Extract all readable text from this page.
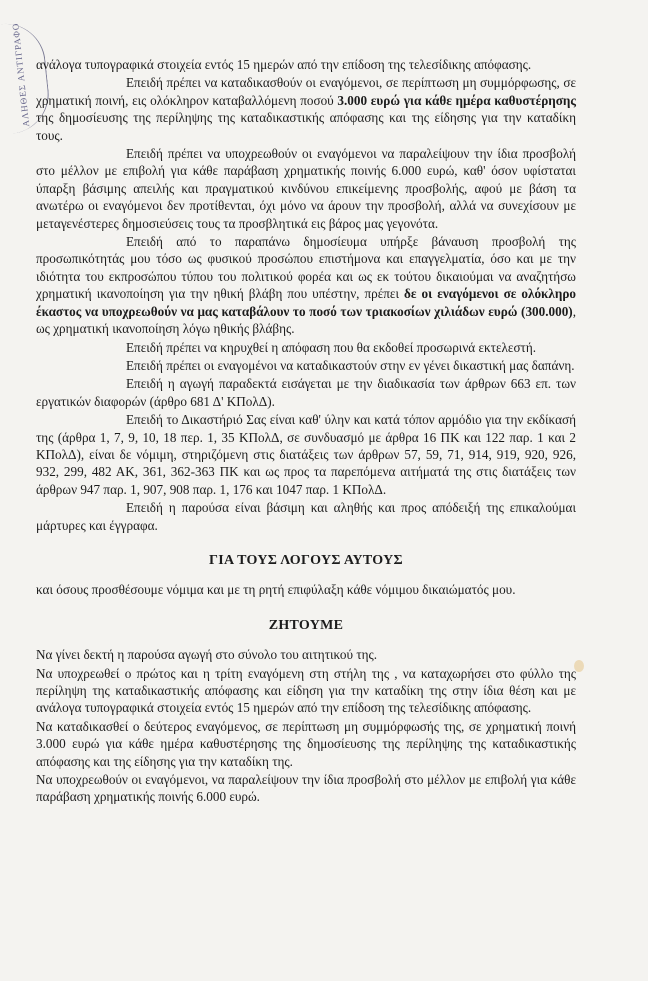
ΑΛΗΘΕΣ ΑΝΤΙΓΡΑΦΟ ανάλογα τυπογραφικά στοιχεία εντός 15 ημερών από την επίδοση της τελεσίδικης απόφασης.

Επειδή πρέπει να καταδικασθούν οι εναγόμενοι, σε περίπτωση μη συμμόρφωσης, σε χρηματική ποινή, εις ολόκληρον καταβαλλόμενη ποσού 3.000 ευρώ για κάθε ημέρα καθυστέρησης της δημοσίευσης της περίληψης της καταδικαστικής απόφασης και της είδησης για την καταδίκη τους.

Επειδή πρέπει να υποχρεωθούν οι εναγόμενοι να παραλείψουν την ίδια προσβολή στο μέλλον με επιβολή για κάθε παράβαση χρηματικής ποινής 6.000 ευρώ, καθ' όσον υφίσταται ύπαρξη βάσιμης απειλής και πραγματικού κινδύνου επικείμενης προσβολής, αφού με βάση τα ανωτέρω οι εναγόμενοι δεν προτίθενται, όχι μόνο να άρουν την προσβολή, αλλά να συνεχίσουν με μεταγενέστερες δημοσιεύσεις τους τα προσβλητικά εις βάρος μας γεγονότα.

Επειδή από το παραπάνω δημοσίευμα υπήρξε βάναυση προσβολή της προσωπικότητάς μου τόσο ως φυσικού προσώπου επιστήμονα και επαγγελματία, όσο και με την ιδιότητα του εκπροσώπου τύπου του πολιτικού φορέα και ως εκ τούτου δικαιούμαι να αναζητήσω χρηματική ικανοποίηση για την ηθική βλάβη που υπέστην, πρέπει δε οι εναγόμενοι σε ολόκληρο έκαστος να υποχρεωθούν να μας καταβάλουν το ποσό των τριακοσίων χιλιάδων ευρώ (300.000), ως χρηματική ικανοποίηση λόγω ηθικής βλάβης.

Επειδή πρέπει να κηρυχθεί η απόφαση που θα εκδοθεί προσωρινά εκτελεστή.

Επειδή πρέπει οι εναγομένοι να καταδικαστούν στην εν γένει δικαστική μας δαπάνη.

Επειδή η αγωγή παραδεκτά εισάγεται με την διαδικασία των άρθρων 663 επ. των εργατικών διαφορών (άρθρο 681 Δ' ΚΠολΔ).

Επειδή το Δικαστήριό Σας είναι καθ' ύλην και κατά τόπον αρμόδιο για την εκδίκασή της (άρθρα 1, 7, 9, 10, 18 περ. 1, 35 ΚΠολΔ, σε συνδυασμό με άρθρα 16 ΠΚ και 122 παρ. 1 και 2 ΚΠολΔ), είναι δε νόμιμη, στηριζόμενη στις διατάξεις των άρθρων 57, 59, 71, 914, 919, 920, 926, 932, 299, 482 ΑΚ, 361, 362-363 ΠΚ και ως προς τα παρεπόμενα αιτήματά της στις διατάξεις των άρθρων 947 παρ. 1, 907, 908 παρ. 1, 176 και 1047 παρ. 1 ΚΠολΔ.

Επειδή η παρούσα είναι βάσιμη και αληθής και προς απόδειξή της επικαλούμαι μάρτυρες και έγγραφα.

ΓΙΑ ΤΟΥΣ ΛΟΓΟΥΣ ΑΥΤΟΥΣ

και όσους προσθέσουμε νόμιμα και με τη ρητή επιφύλαξη κάθε νόμιμου δικαιώματός μου.

ΖΗΤΟΥΜΕ

Να γίνει δεκτή η παρούσα αγωγή στο σύνολο του αιτητικού της.

Να υποχρεωθεί ο πρώτος και η τρίτη εναγόμενη στη στήλη της , να καταχωρήσει στο φύλλο της περίληψη της καταδικαστικής απόφασης και είδηση για την καταδίκη της στην ίδια θέση και με ανάλογα τυπογραφικά στοιχεία εντός 15 ημερών από την επίδοση της τελεσίδικης απόφασης.

Να καταδικασθεί ο δεύτερος εναγόμενος, σε περίπτωση μη συμμόρφωσής της, σε χρηματική ποινή 3.000 ευρώ για κάθε ημέρα καθυστέρησης της δημοσίευσης της περίληψης της καταδικαστικής απόφασης και της είδησης για την καταδίκη της.

Να υποχρεωθούν οι εναγόμενοι, να παραλείψουν την ίδια προσβολή στο μέλλον με επιβολή για κάθε παράβαση χρηματικής ποινής 6.000 ευρώ.
